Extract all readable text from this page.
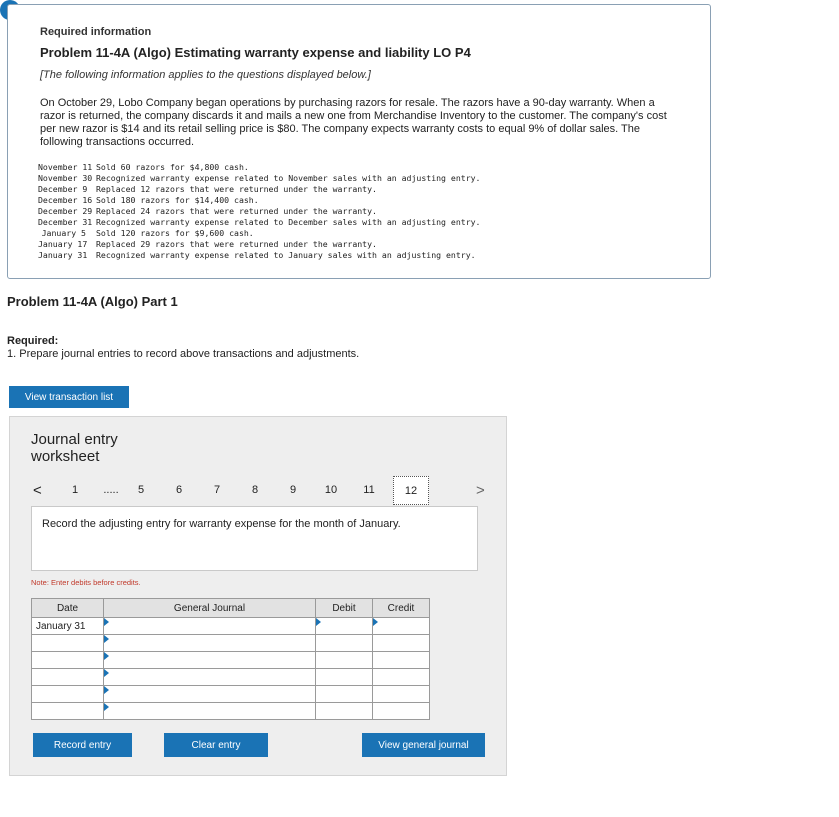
Required information
Problem 11-4A (Algo) Estimating warranty expense and liability LO P4
[The following information applies to the questions displayed below.]
On October 29, Lobo Company began operations by purchasing razors for resale. The razors have a 90-day warranty. When a razor is returned, the company discards it and mails a new one from Merchandise Inventory to the customer. The company's cost per new razor is $14 and its retail selling price is $80. The company expects warranty costs to equal 9% of dollar sales. The following transactions occurred.
November 11 Sold 60 razors for $4,800 cash.
November 30 Recognized warranty expense related to November sales with an adjusting entry.
December 9	Replaced 12 razors that were returned under the warranty.
December 16 Sold 180 razors for $14,400 cash.
December 29 Replaced 24 razors that were returned under the warranty.
December 31 Recognized warranty expense related to December sales with an adjusting entry.
January 5	Sold 120 razors for $9,600 cash.
January 17	Replaced 29 razors that were returned under the warranty.
January 31	Recognized warranty expense related to January sales with an adjusting entry.
Problem 11-4A (Algo) Part 1
Required:
1. Prepare journal entries to record above transactions and adjustments.
View transaction list
Journal entry
worksheet
<	1	.....	5	6	7	8	9	10 11	12	>
Record the adjusting entry for warranty expense for the month of January.
Note: Enter debits before credits.
Date	General Journal	Debit	Credit
January 31	

Record entry	Clear entry	View general journal
